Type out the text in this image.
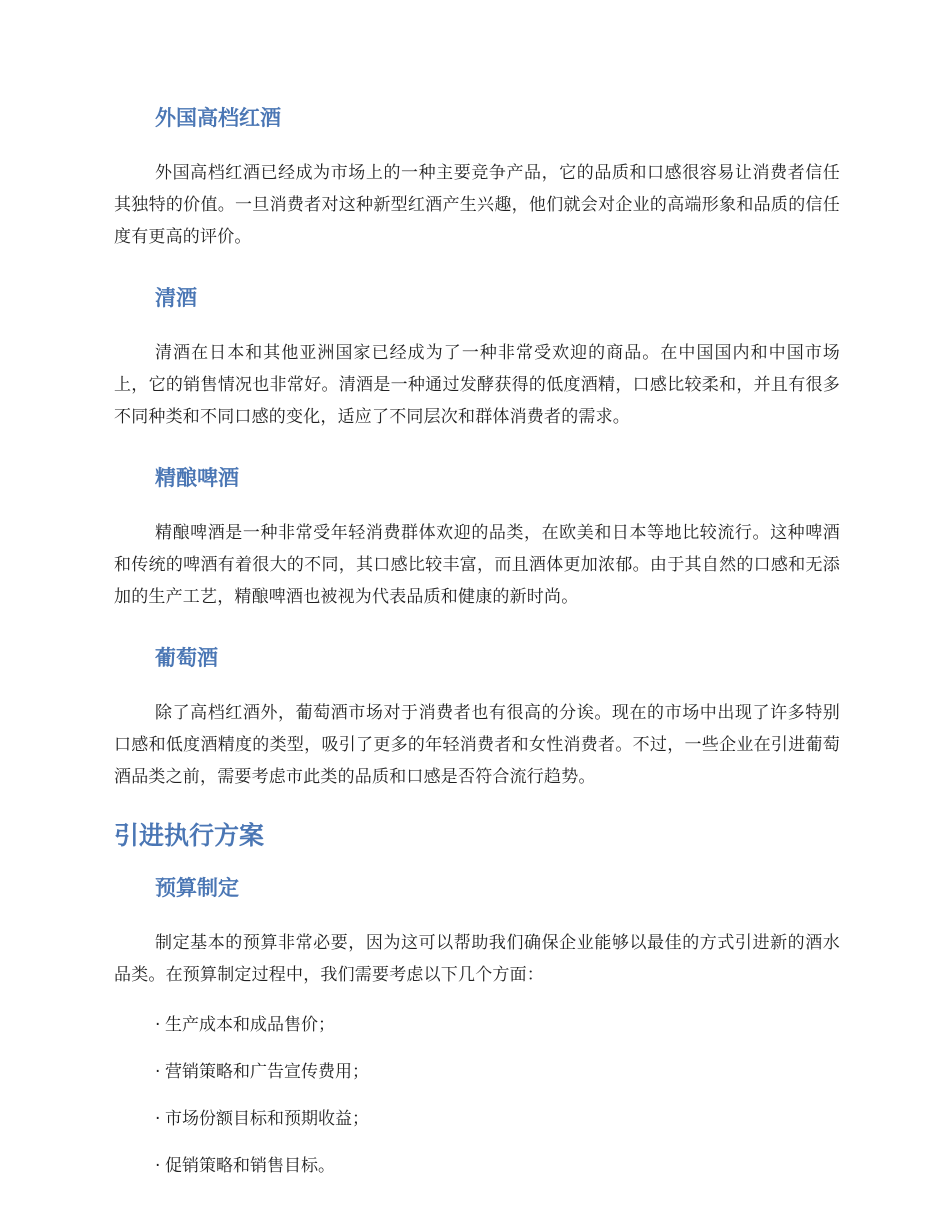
外国高档红酒

外国高档红酒已经成为市场上的一种主要竞争产品，它的品质和口感很容易让消费者信任其独特的价值。一旦消费者对这种新型红酒产生兴趣，他们就会对企业的高端形象和品质的信任度有更高的评价。

清酒

清酒在日本和其他亚洲国家已经成为了一种非常受欢迎的商品。在中国国内和中国市场上，它的销售情况也非常好。清酒是一种通过发酵获得的低度酒精，口感比较柔和，并且有很多不同种类和不同口感的变化，适应了不同层次和群体消费者的需求。

精酿啤酒

精酿啤酒是一种非常受年轻消费群体欢迎的品类，在欧美和日本等地比较流行。这种啤酒和传统的啤酒有着很大的不同，其口感比较丰富，而且酒体更加浓郁。由于其自然的口感和无添加的生产工艺，精酿啤酒也被视为代表品质和健康的新时尚。

葡萄酒

除了高档红酒外，葡萄酒市场对于消费者也有很高的分诶。现在的市场中出现了许多特别口感和低度酒精度的类型，吸引了更多的年轻消费者和女性消费者。不过，一些企业在引进葡萄酒品类之前，需要考虑市此类的品质和口感是否符合流行趋势。

引进执行方案
预算制定

制定基本的预算非常必要，因为这可以帮助我们确保企业能够以最佳的方式引进新的酒水品类。在预算制定过程中，我们需要考虑以下几个方面：

· 生产成本和成品售价；
· 营销策略和广告宣传费用；
· 市场份额目标和预期收益；
· 促销策略和销售目标。
